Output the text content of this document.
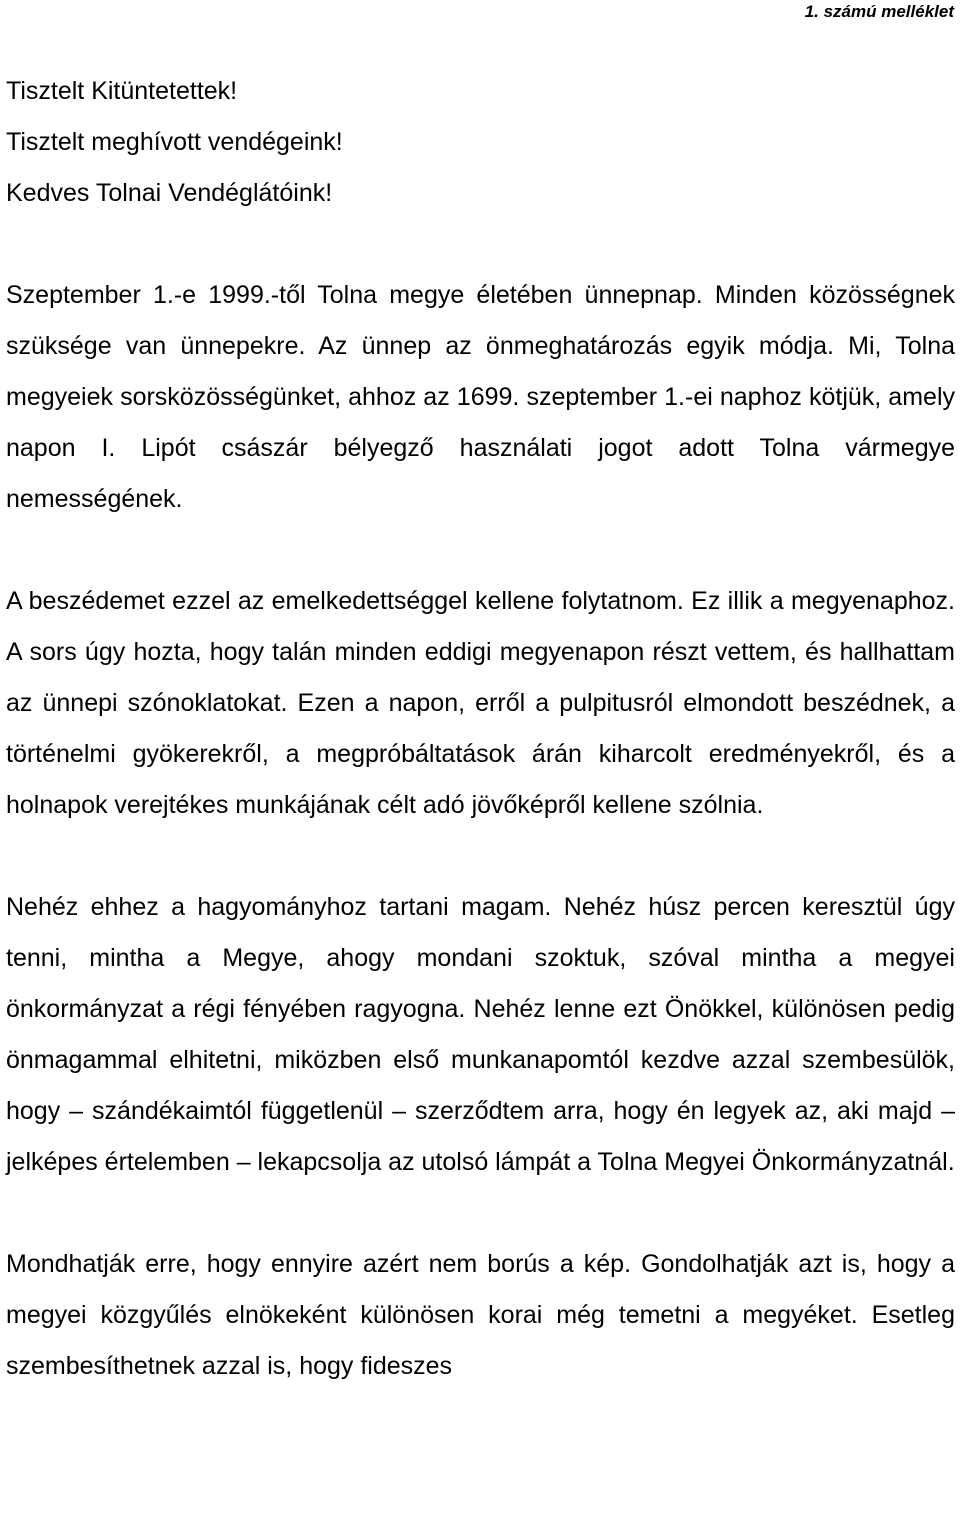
1. számú melléklet
Tisztelt Kitüntetettek!
Tisztelt meghívott vendégeink!
Kedves Tolnai Vendéglátóink!

Szeptember 1.-e 1999.-től Tolna megye életében ünnepnap. Minden közösségnek szüksége van ünnepekre. Az ünnep az önmeghatározás egyik módja. Mi, Tolna megyeiek sorsközösségünket, ahhoz az 1699. szeptember 1.-ei naphoz kötjük, amely napon I. Lipót császár bélyegző használati jogot adott Tolna vármegye nemességének.

A beszédemet ezzel az emelkedettséggel kellene folytatnom. Ez illik a megyenaphoz. A sors úgy hozta, hogy talán minden eddigi megyenapon részt vettem, és hallhattam az ünnepi szónoklatokat. Ezen a napon, erről a pulpitusról elmondott beszédnek, a történelmi gyökerekről, a megpróbáltatások árán kiharcolt eredményekről, és a holnapok verejtékes munkájának célt adó jövőképről kellene szólnia.

Nehéz ehhez a hagyományhoz tartani magam. Nehéz húsz percen keresztül úgy tenni, mintha a Megye, ahogy mondani szoktuk, szóval mintha a megyei önkormányzat a régi fényében ragyogna. Nehéz lenne ezt Önökkel, különösen pedig önmagammal elhitetni, miközben első munkanapomtól kezdve azzal szembesülök, hogy – szándékaimtól függetlenül – szerződtem arra, hogy én legyek az, aki majd – jelképes értelemben – lekapcsolja az utolsó lámpát a Tolna Megyei Önkormányzatnál.

Mondhatják erre, hogy ennyire azért nem borús a kép. Gondolhatják azt is, hogy a megyei közgyűlés elnökeként különösen korai még temetni a megyéket. Esetleg szembesíthetnek azzal is, hogy fideszes
